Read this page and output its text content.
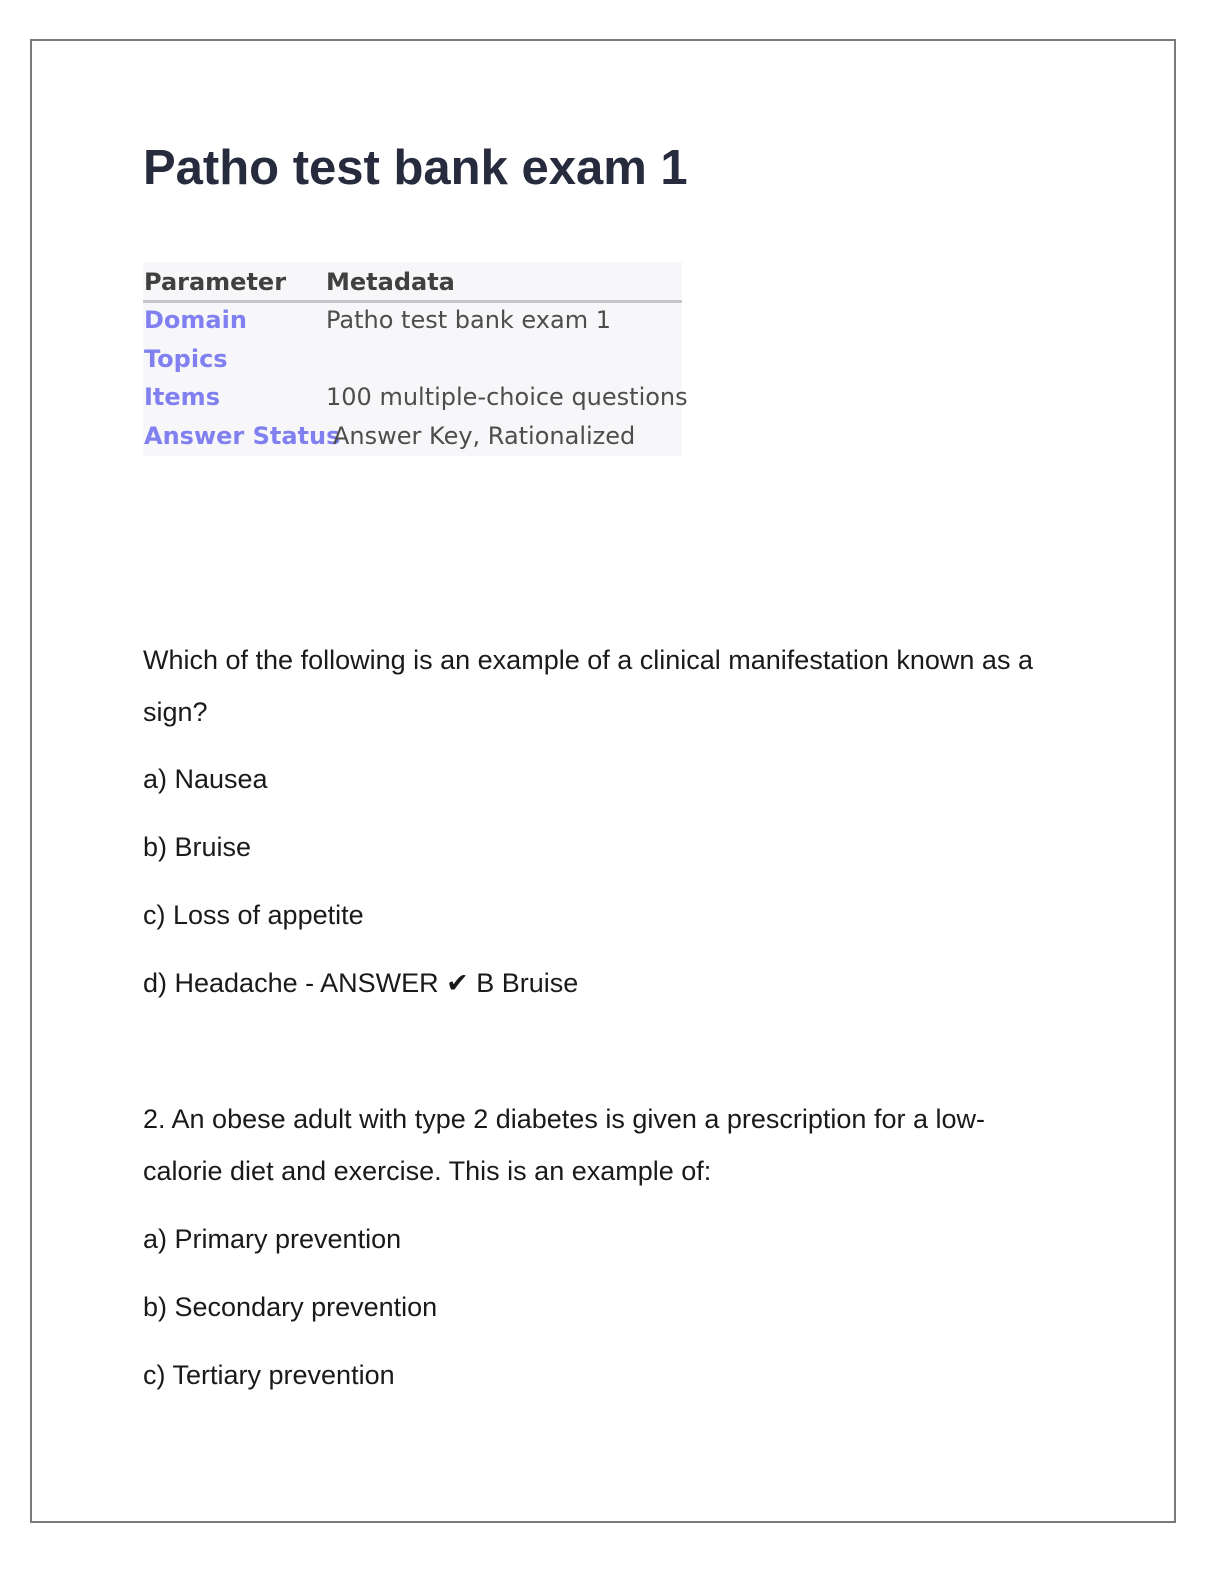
Patho test bank exam 1
Parameter Metadata
Domain	Patho test bank exam 1
Topics
Items	100 multiple-choice questions
Answer Status
Answer Key, Rationalized

Which of the following is an example of a clinical manifestation known as a

sign?

a) Nausea

b) Bruise

c) Loss of appetite

d) Headache - ANSWER ✔ B Bruise

2. An obese adult with type 2 diabetes is given a prescription for a low-

calorie diet and exercise. This is an example of:

a) Primary prevention

b) Secondary prevention

c) Tertiary prevention
